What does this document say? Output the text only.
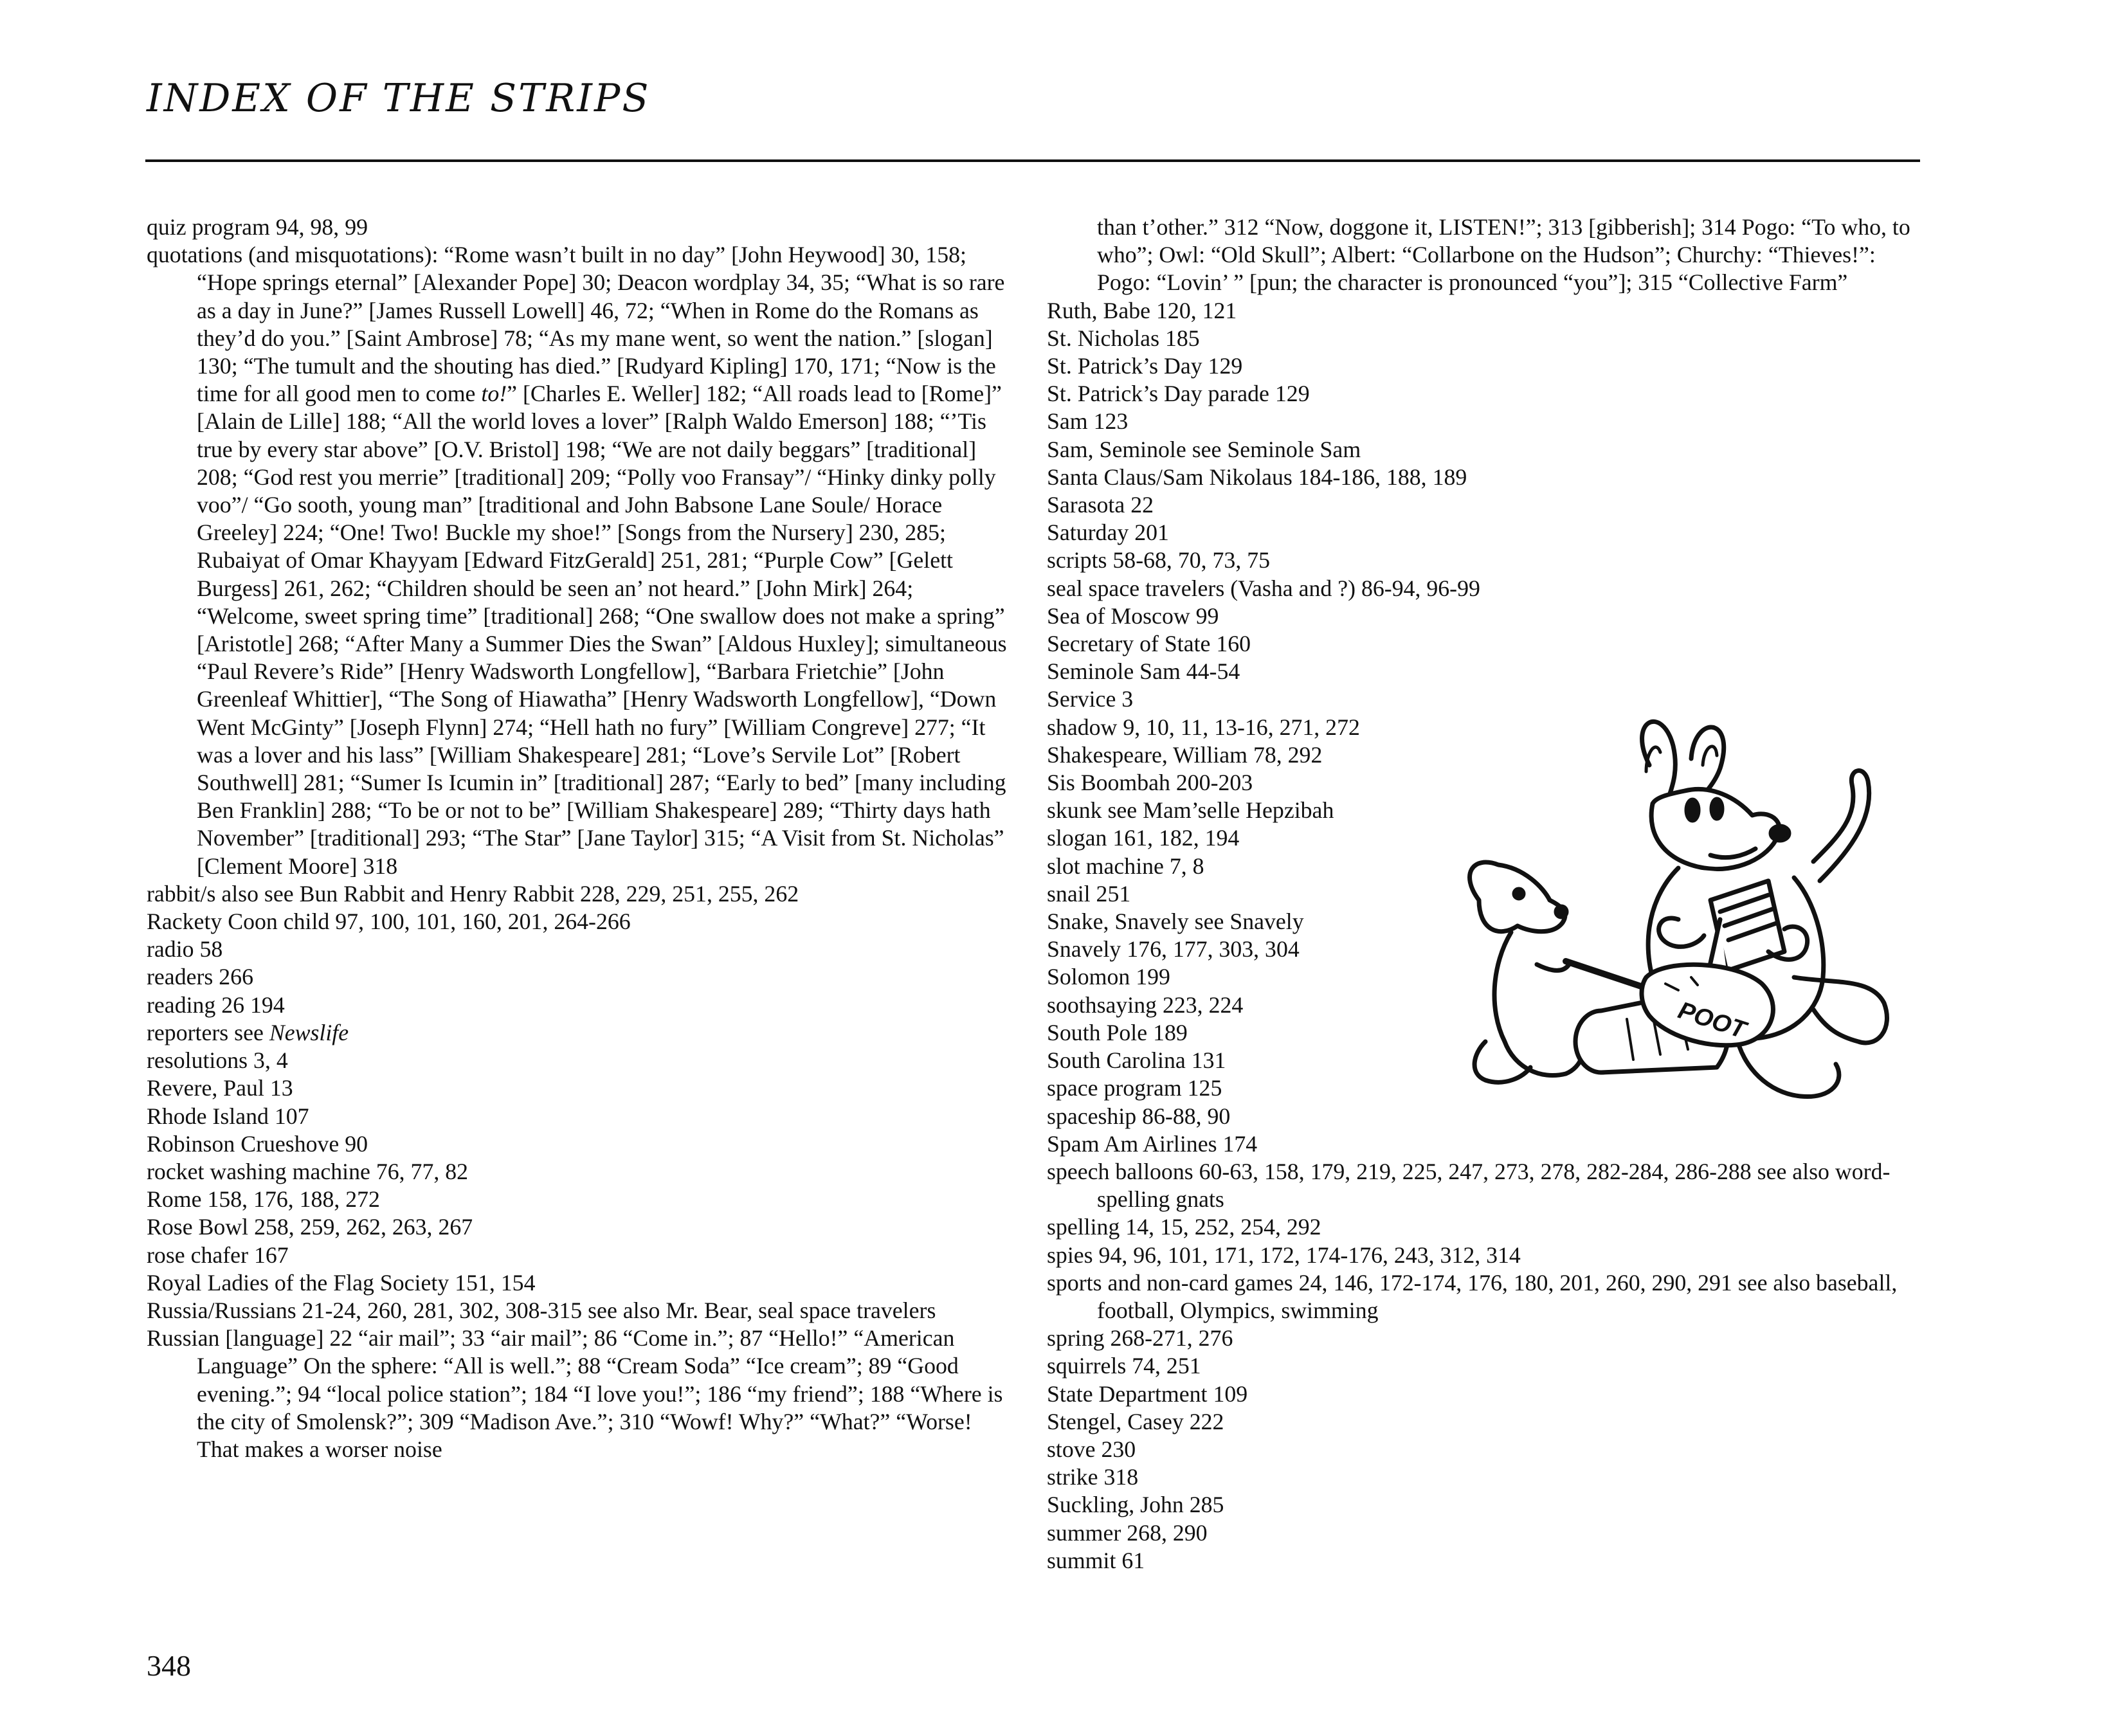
INDEX OF THE STRIPS

quiz program 94, 98, 99

quotations (and misquotations): “Rome wasn’t built in no day” [John Heywood] 30, 158; “Hope springs eternal” [Alexander Pope] 30; Deacon wordplay 34, 35; “What is so rare as a day in June?” [James Russell Lowell] 46, 72; “When in Rome do the Romans as they’d do you.” [Saint Ambrose] 78; “As my mane went, so went the nation.” [slogan] 130; “The tumult and the shouting has died.” [Rudyard Kipling] 170, 171; “Now is the time for all good men to come to!” [Charles E. Weller] 182; “All roads lead to [Rome]” [Alain de Lille] 188; “All the world loves a lover” [Ralph Waldo Emerson] 188; “’Tis true by every star above” [O.V. Bristol] 198; “We are not daily beggars” [traditional] 208; “God rest you merrie” [traditional] 209; “Polly voo Fransay”/ “Hinky dinky polly voo”/ “Go sooth, young man” [traditional and John Babsone Lane Soule/ Horace Greeley] 224; “One! Two! Buckle my shoe!” [Songs from the Nursery] 230, 285; Rubaiyat of Omar Khayyam [Edward FitzGerald] 251, 281; “Purple Cow” [Gelett Burgess] 261, 262; “Children should be seen an’ not heard.” [John Mirk] 264; “Welcome, sweet spring time” [traditional] 268; “One swallow does not make a spring” [Aristotle] 268; “After Many a Summer Dies the Swan” [Aldous Huxley]; simultaneous “Paul Revere’s Ride” [Henry Wadsworth Longfellow], “Barbara Frietchie” [John Greenleaf Whittier], “The Song of Hiawatha” [Henry Wadsworth Longfellow], “Down Went McGinty” [Joseph Flynn] 274; “Hell hath no fury” [William Congreve] 277; “It was a lover and his lass” [William Shakespeare] 281; “Love’s Servile Lot” [Robert Southwell] 281; “Sumer Is Icumin in” [traditional] 287; “Early to bed” [many including Ben Franklin] 288; “To be or not to be” [William Shakespeare] 289; “Thirty days hath November” [traditional] 293; “The Star” [Jane Taylor] 315; “A Visit from St. Nicholas” [Clement Moore] 318

rabbit/s also see Bun Rabbit and Henry Rabbit 228, 229, 251, 255, 262

Rackety Coon child 97, 100, 101, 160, 201, 264-266

radio 58

readers 266

reading 26 194

reporters see Newslife

resolutions 3, 4

Revere, Paul 13

Rhode Island 107

Robinson Crueshove 90

rocket washing machine 76, 77, 82

Rome 158, 176, 188, 272

Rose Bowl 258, 259, 262, 263, 267

rose chafer 167

Royal Ladies of the Flag Society 151, 154

Russia/Russians 21-24, 260, 281, 302, 308-315 see also Mr. Bear, seal space travelers

Russian [language] 22 “air mail”; 33 “air mail”; 86 “Come in.”; 87 “Hello!” “American Language” On the sphere: “All is well.”; 88 “Cream Soda” “Ice cream”; 89 “Good evening.”; 94 “local police station”; 184 “I love you!”; 186 “my friend”; 188 “Where is the city of Smolensk?”; 309 “Madison Ave.”; 310 “Wowf! Why?” “What?” “Worse! That makes a worser noise

than t’other.” 312 “Now, doggone it, LISTEN!”; 313 [gibberish]; 314 Pogo: “To who, to who”; Owl: “Old Skull”; Albert: “Collarbone on the Hudson”; Churchy: “Thieves!”: Pogo: “Lovin’ ” [pun; the character is pronounced “you”]; 315 “Collective Farm”

Ruth, Babe 120, 121

St. Nicholas 185

St. Patrick’s Day 129

St. Patrick’s Day parade 129

Sam 123

Sam, Seminole see Seminole Sam

Santa Claus/Sam Nikolaus 184-186, 188, 189

Sarasota 22

Saturday 201

scripts 58-68, 70, 73, 75

seal space travelers (Vasha and ?) 86-94, 96-99

Sea of Moscow 99

Secretary of State 160

Seminole Sam 44-54

Service 3

shadow 9, 10, 11, 13-16, 271, 272

Shakespeare, William 78, 292

Sis Boombah 200-203

skunk see Mam’selle Hepzibah

slogan 161, 182, 194

slot machine 7, 8

snail 251

Snake, Snavely see Snavely

Snavely 176, 177, 303, 304

Solomon 199

soothsaying 223, 224

South Pole 189

South Carolina 131

space program 125

spaceship 86-88, 90

Spam Am Airlines 174

speech balloons 60-63, 158, 179, 219, 225, 247, 273, 278, 282-284, 286-288 see also word-spelling gnats

spelling 14, 15, 252, 254, 292

spies 94, 96, 101, 171, 172, 174-176, 243, 312, 314

sports and non-card games 24, 146, 172-174, 176, 180, 201, 260, 290, 291 see also baseball, football, Olympics, swimming

spring 268-271, 276

squirrels 74, 251

State Department 109

Stengel, Casey 222

stove 230

strike 318

Suckling, John 285

summer 268, 290

summit 61

POOT
348
